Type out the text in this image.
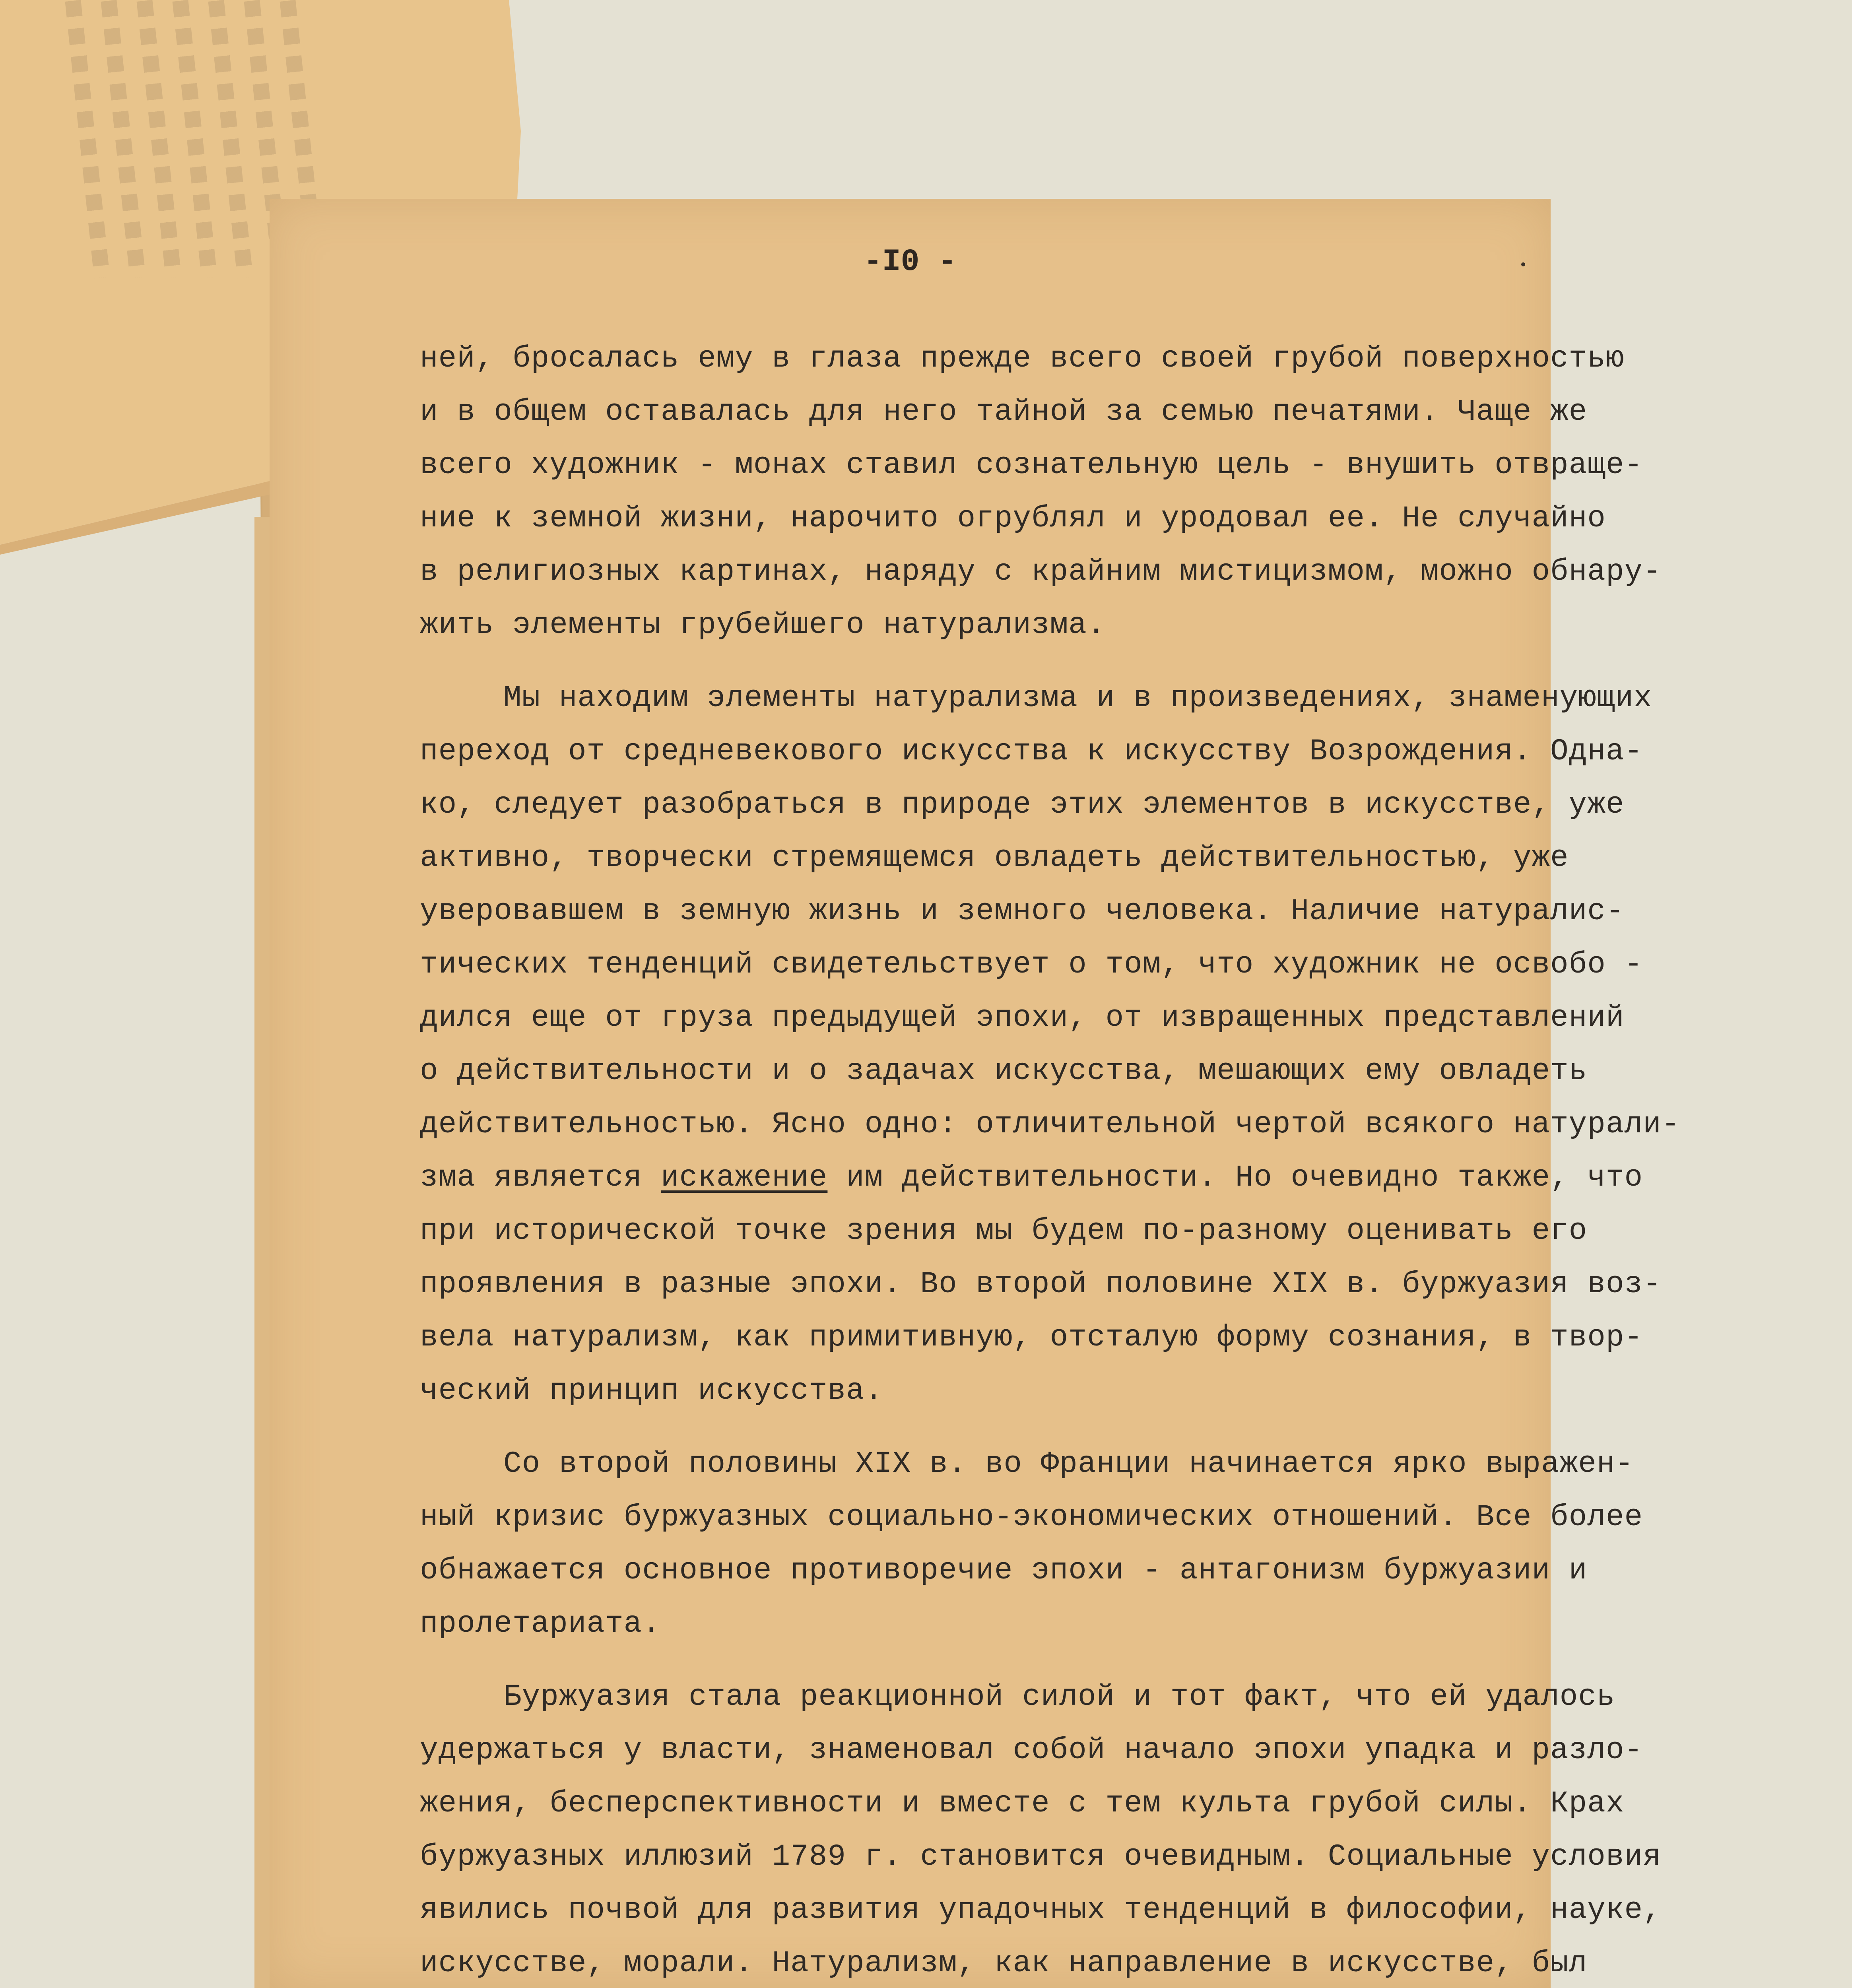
-I0 -
ней, бросалась ему в глаза прежде всего своей грубой поверхностью
и в общем оставалась для него тайной за семью печатями. Чаще же
всего художник - монах ставил сознательную цель - внушить отвраще-
ние к земной жизни, нарочито огрублял и уродовал ее. Не случайно
в религиозных картинах, наряду с крайним мистицизмом, можно обнару-
жить элементы грубейшего натурализма.
Мы находим элементы натурализма и в произведениях, знаменующих
переход от средневекового искусства к искусству Возрождения. Одна-
ко, следует разобраться в природе этих элементов в искусстве, уже
активно, творчески стремящемся овладеть действительностью, уже
уверовавшем в земную жизнь и земного человека. Наличие натуралис-
тических тенденций свидетельствует о том, что художник не освобо -
дился еще от груза предыдущей эпохи, от извращенных представлений
о действительности и о задачах искусства, мешающих ему овладеть
действительностью. Ясно одно: отличительной чертой всякого натурали-
зма является искажение им действительности. Но очевидно также, что
при исторической точке зрения мы будем по-разному оценивать его
проявления в разные эпохи. Во второй половине XIX в. буржуазия воз-
вела натурализм, как примитивную, отсталую форму сознания, в твор-
ческий принцип искусства.
Со второй половины XIX в. во Франции начинается ярко выражен-
ный кризис буржуазных социально-экономических отношений. Все более
обнажается основное противоречие эпохи - антагонизм буржуазии и
пролетариата.
Буржуазия стала реакционной силой и тот факт, что ей удалось
удержаться у власти, знаменовал собой начало эпохи упадка и разло-
жения, бесперспективности и вместе с тем культа грубой силы. Крах
буржуазных иллюзий 1789 г. становится очевидным. Социальные условия
явились почвой для развития упадочных тенденций в философии, науке,
искусстве, морали. Натурализм, как направление в искусстве, был
